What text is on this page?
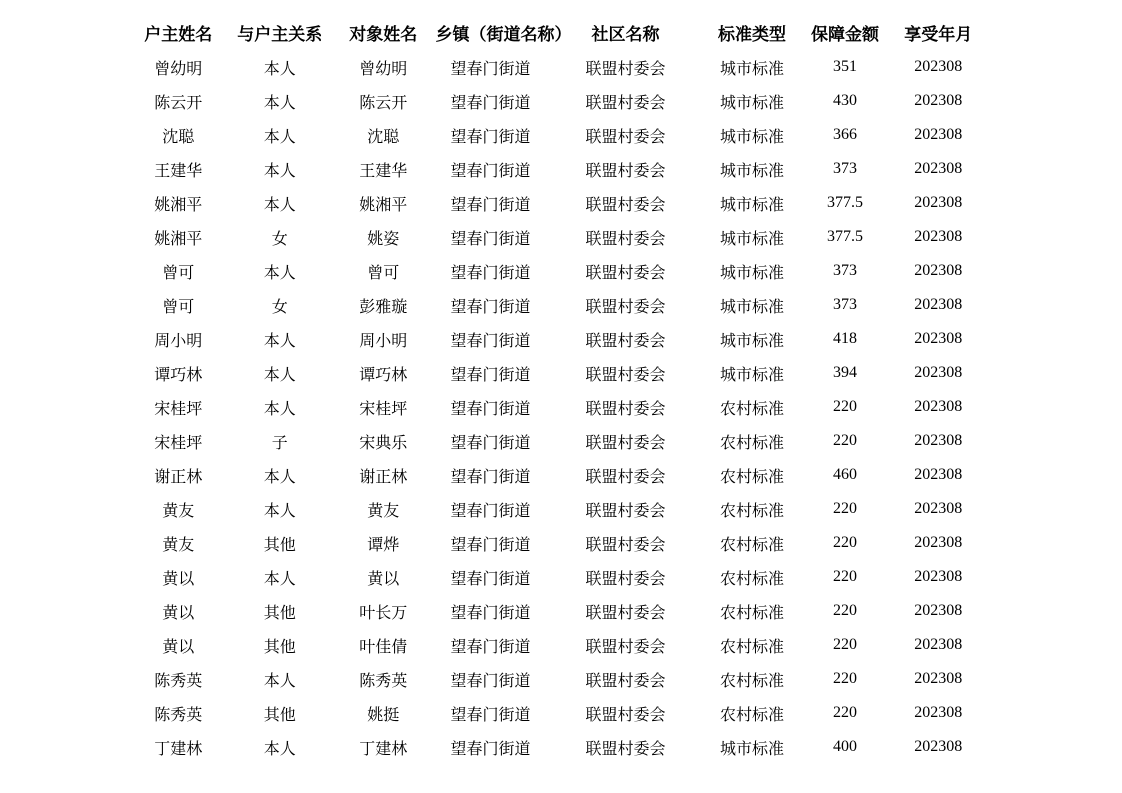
户主姓名	与户主关系	对象姓名	乡镇（街道名称）	社区名称	标准类型	保障金额	享受年月
曾幼明	本人	曾幼明	望春门街道	联盟村委会	城市标准	351	202308
陈云开	本人	陈云开	望春门街道	联盟村委会	城市标准	430	202308
沈聪	本人	沈聪	望春门街道	联盟村委会	城市标准	366	202308
王建华	本人	王建华	望春门街道	联盟村委会	城市标准	373	202308
姚湘平	本人	姚湘平	望春门街道	联盟村委会	城市标准	377.5	202308
姚湘平	女	姚姿	望春门街道	联盟村委会	城市标准	377.5	202308
曾可	本人	曾可	望春门街道	联盟村委会	城市标准	373	202308
曾可	女	彭雅璇	望春门街道	联盟村委会	城市标准	373	202308
周小明	本人	周小明	望春门街道	联盟村委会	城市标准	418	202308
谭巧林	本人	谭巧林	望春门街道	联盟村委会	城市标准	394	202308
宋桂坪	本人	宋桂坪	望春门街道	联盟村委会	农村标准	220	202308
宋桂坪	子	宋典乐	望春门街道	联盟村委会	农村标准	220	202308
谢正林	本人	谢正林	望春门街道	联盟村委会	农村标准	460	202308
黄友	本人	黄友	望春门街道	联盟村委会	农村标准	220	202308
黄友	其他	谭烨	望春门街道	联盟村委会	农村标准	220	202308
黄以	本人	黄以	望春门街道	联盟村委会	农村标准	220	202308
黄以	其他	叶长万	望春门街道	联盟村委会	农村标准	220	202308
黄以	其他	叶佳倩	望春门街道	联盟村委会	农村标准	220	202308
陈秀英	本人	陈秀英	望春门街道	联盟村委会	农村标准	220	202308
陈秀英	其他	姚挺	望春门街道	联盟村委会	农村标准	220	202308
丁建林	本人	丁建林	望春门街道	联盟村委会	城市标准	400	202308
